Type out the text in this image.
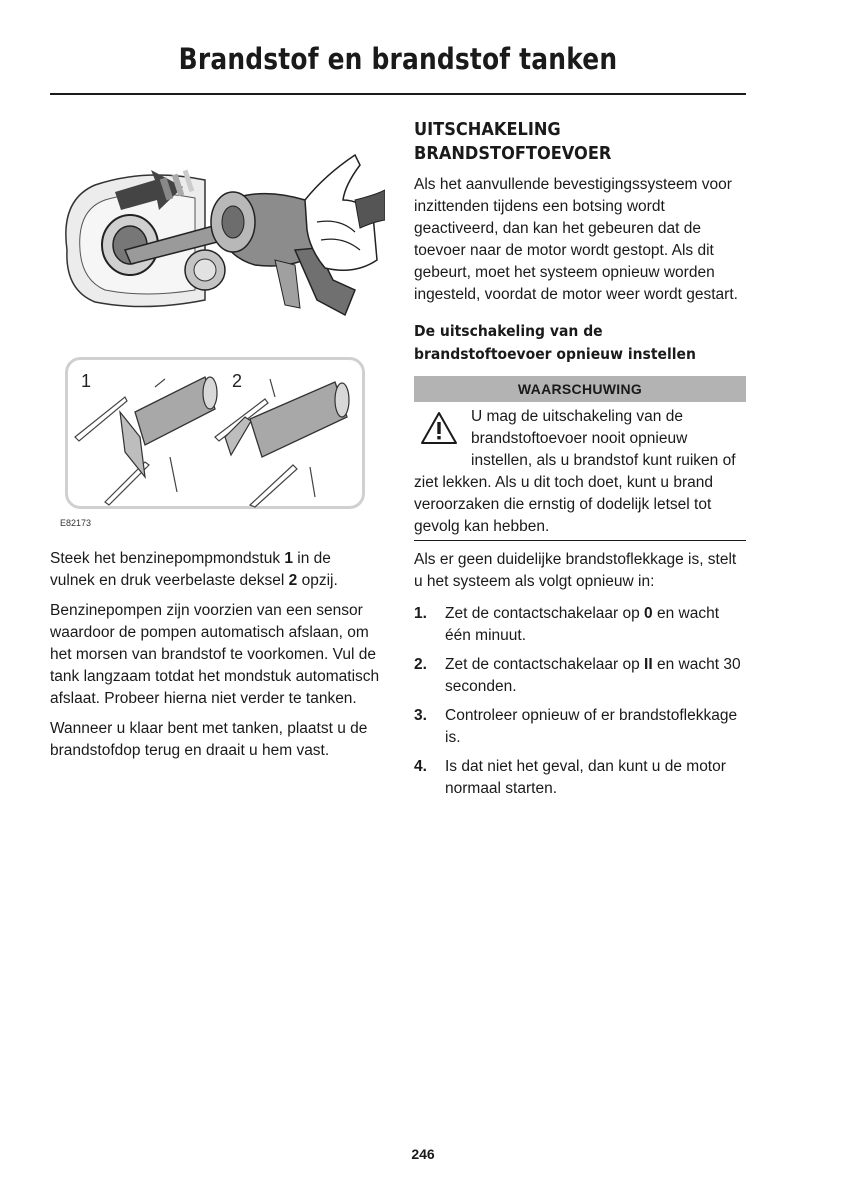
Brandstof en brandstof tanken
1	2
E82173

Steek het benzinepompmondstuk 1 in de vulnek en druk veerbelaste deksel 2 opzij.

Benzinepompen zijn voorzien van een sensor waardoor de pompen automatisch afslaan, om het morsen van brandstof te voorkomen. Vul de tank langzaam totdat het mondstuk automatisch afslaat. Probeer hierna niet verder te tanken.

Wanneer u klaar bent met tanken, plaatst u de brandstofdop terug en draait u hem vast.

UITSCHAKELING
BRANDSTOFTOEVOER

Als het aanvullende bevestigingssysteem voor inzittenden tijdens een botsing wordt geactiveerd, dan kan het gebeuren dat de toevoer naar de motor wordt gestopt. Als dit gebeurt, moet het systeem opnieuw worden ingesteld, voordat de motor weer wordt gestart.

De uitschakeling van de
brandstoftoevoer opnieuw instellen
WAARSCHUWING
U mag de uitschakeling van de
brandstoftoevoer nooit opnieuw
instellen, als u brandstof kunt ruiken of
ziet lekken. Als u dit toch doet, kunt u brand veroorzaken die ernstig of dodelijk letsel tot gevolg kan hebben.

Als er geen duidelijke brandstoflekkage is, stelt u het systeem als volgt opnieuw in:

1. Zet de contactschakelaar op 0 en wacht één minuut.
2. Zet de contactschakelaar op II en wacht 30 seconden.
3. Controleer opnieuw of er brandstoflekkage is.
4. Is dat niet het geval, dan kunt u de motor normaal starten.
246
